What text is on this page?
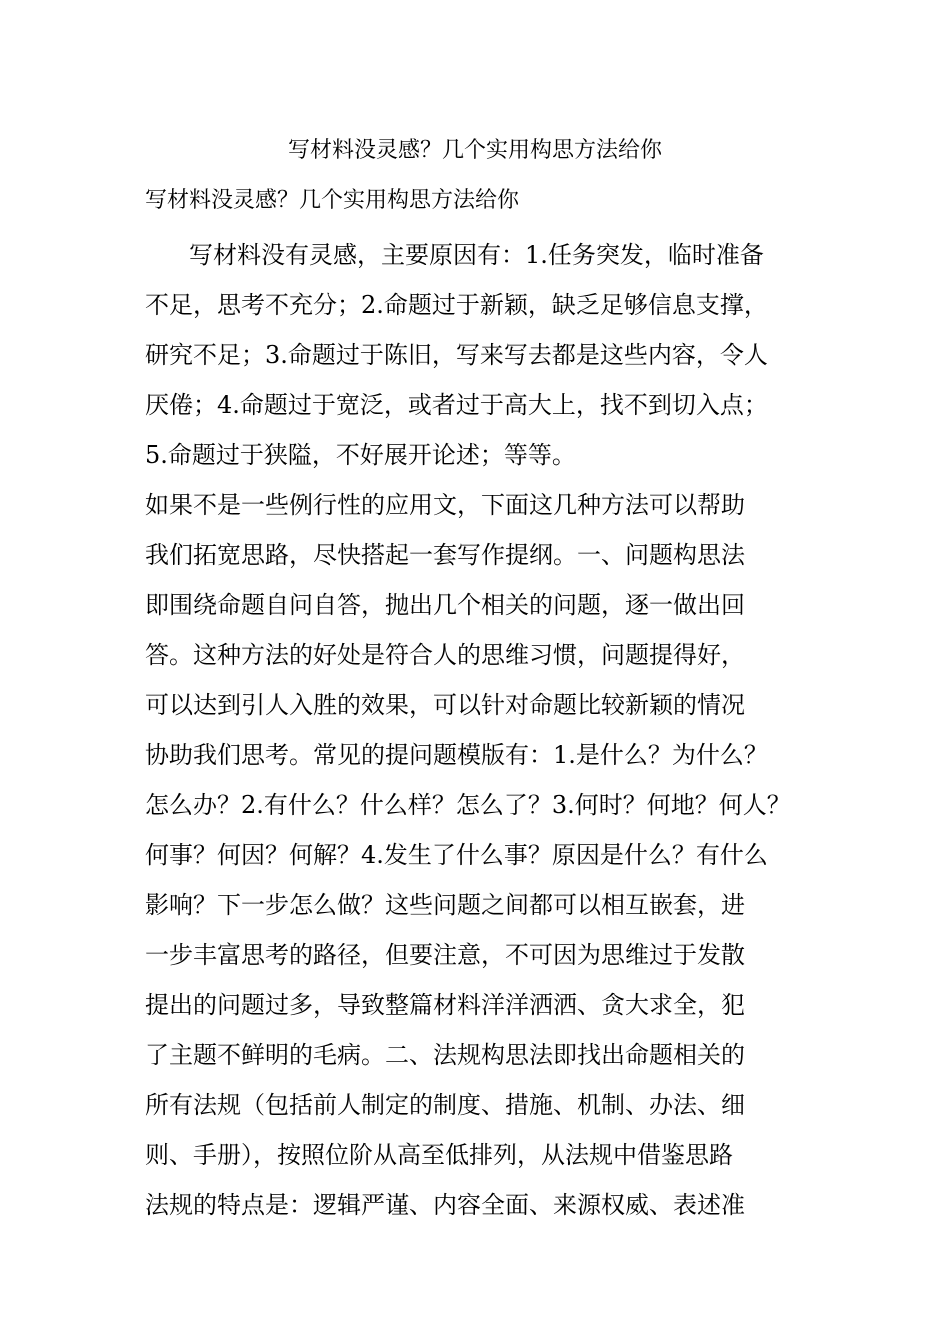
写材料没灵感？几个实用构思方法给你
写材料没灵感？几个实用构思方法给你
写材料没有灵感，主要原因有：1.任务突发，临时准备
不足，思考不充分；2.命题过于新颖，缺乏足够信息支撑，
研究不足；3.命题过于陈旧，写来写去都是这些内容，令人
厌倦；4.命题过于宽泛，或者过于高大上，找不到切入点；
5.命题过于狭隘，不好展开论述；等等。
如果不是一些例行性的应用文，下面这几种方法可以帮助
我们拓宽思路，尽快搭起一套写作提纲。一、问题构思法
即围绕命题自问自答，抛出几个相关的问题，逐一做出回
答。这种方法的好处是符合人的思维习惯，问题提得好，
可以达到引人入胜的效果，可以针对命题比较新颖的情况
协助我们思考。常见的提问题模版有：1.是什么？为什么？
怎么办？2.有什么？什么样？怎么了？3.何时？何地？何人？
何事？何因？何解？4.发生了什么事？原因是什么？有什么
影响？下一步怎么做？这些问题之间都可以相互嵌套，进
一步丰富思考的路径，但要注意，不可因为思维过于发散
提出的问题过多，导致整篇材料洋洋洒洒、贪大求全，犯
了主题不鲜明的毛病。二、法规构思法即找出命题相关的
所有法规（包括前人制定的制度、措施、机制、办法、细
则、手册），按照位阶从高至低排列，从法规中借鉴思路
法规的特点是：逻辑严谨、内容全面、来源权威、表述准
